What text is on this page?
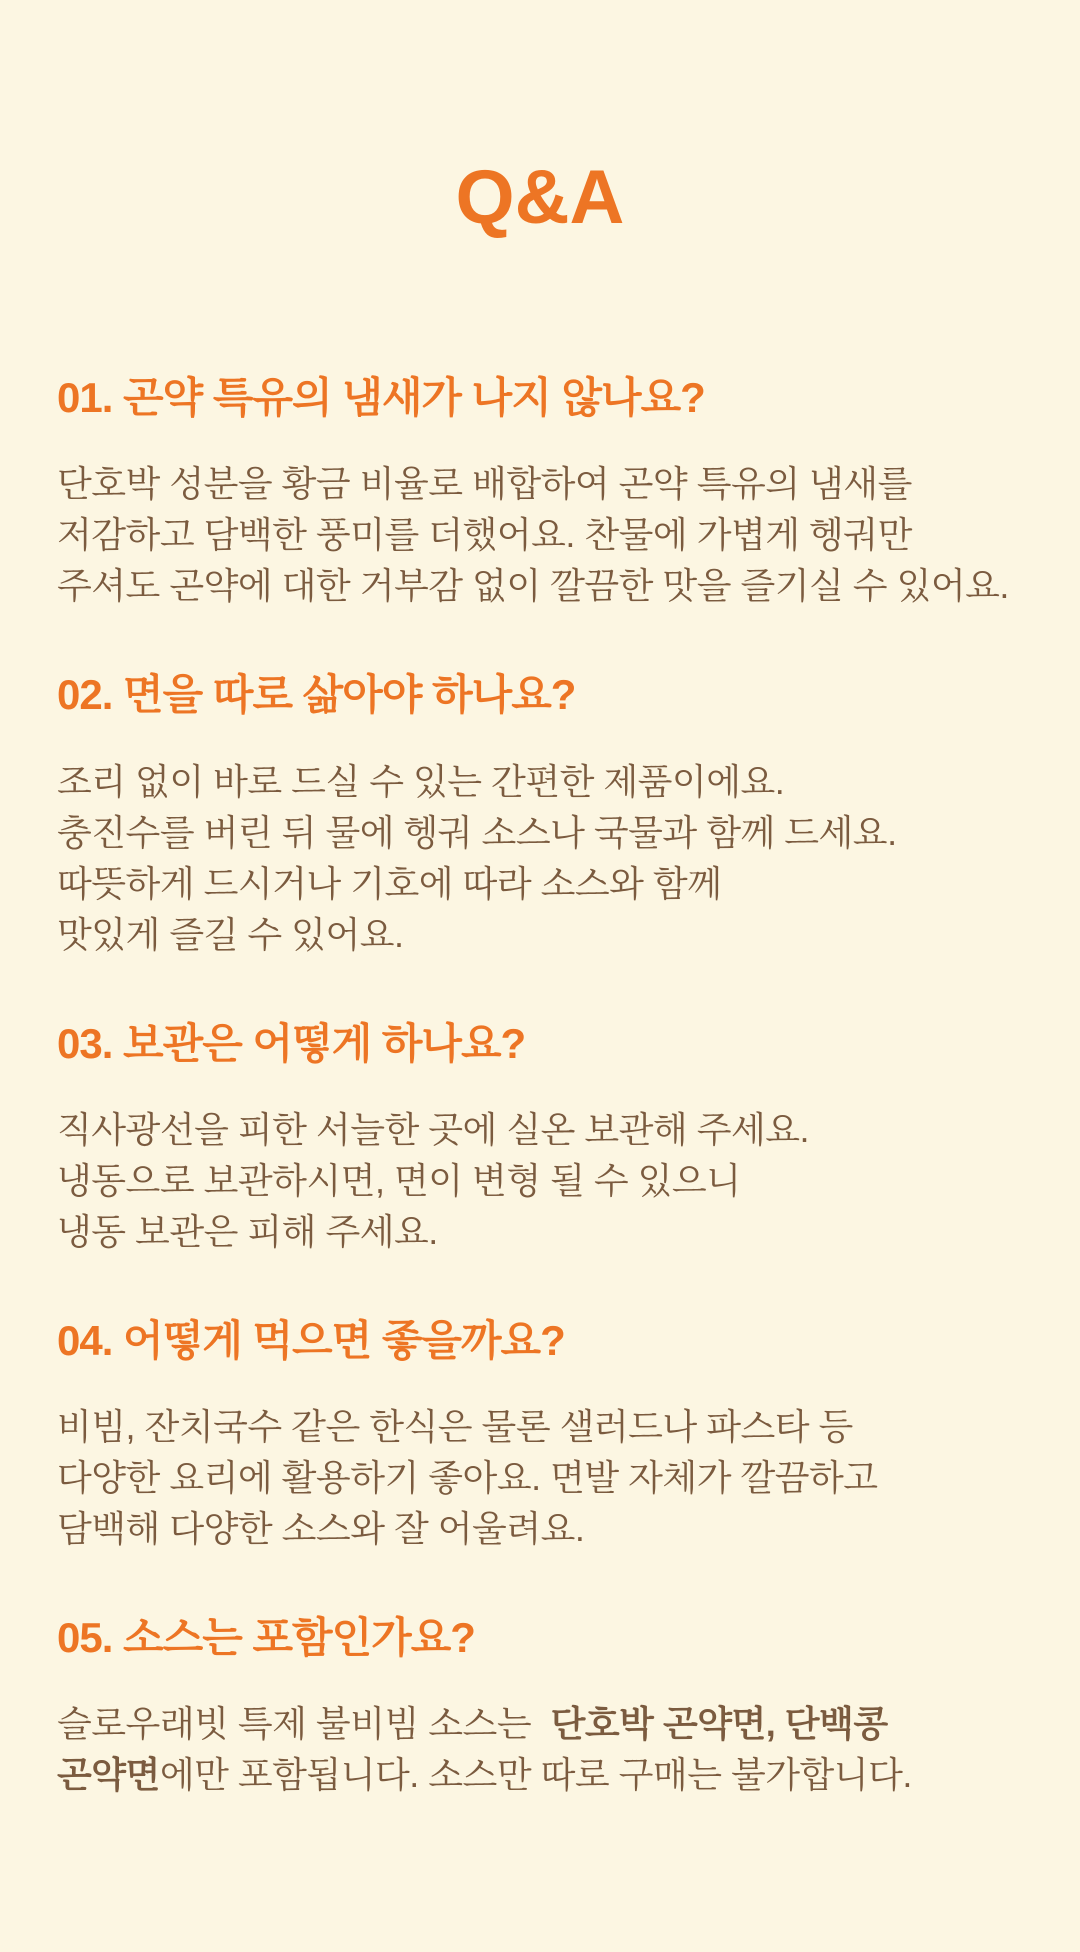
Q&A
01. 곤약 특유의 냄새가 나지 않나요?

단호박 성분을 황금 비율로 배합하여 곤약 특유의 냄새를
저감하고 담백한 풍미를 더했어요. 찬물에 가볍게 헹궈만
주셔도 곤약에 대한 거부감 없이 깔끔한 맛을 즐기실 수 있어요.

02. 면을 따로 삶아야 하나요?

조리 없이 바로 드실 수 있는 간편한 제품이에요.
충진수를 버린 뒤 물에 헹궈 소스나 국물과 함께 드세요.
따뜻하게 드시거나 기호에 따라 소스와 함께
맛있게 즐길 수 있어요.

03. 보관은 어떻게 하나요?

직사광선을 피한 서늘한 곳에 실온 보관해 주세요.
냉동으로 보관하시면, 면이 변형 될 수 있으니
냉동 보관은 피해 주세요.

04. 어떻게 먹으면 좋을까요?

비빔, 잔치국수 같은 한식은 물론 샐러드나 파스타 등
다양한 요리에 활용하기 좋아요. 면발 자체가 깔끔하고
담백해 다양한 소스와 잘 어울려요.

05. 소스는 포함인가요?

슬로우래빗 특제 불비빔 소스는 단호박 곤약면, 단백콩
곤약면에만 포함됩니다. 소스만 따로 구매는 불가합니다.
